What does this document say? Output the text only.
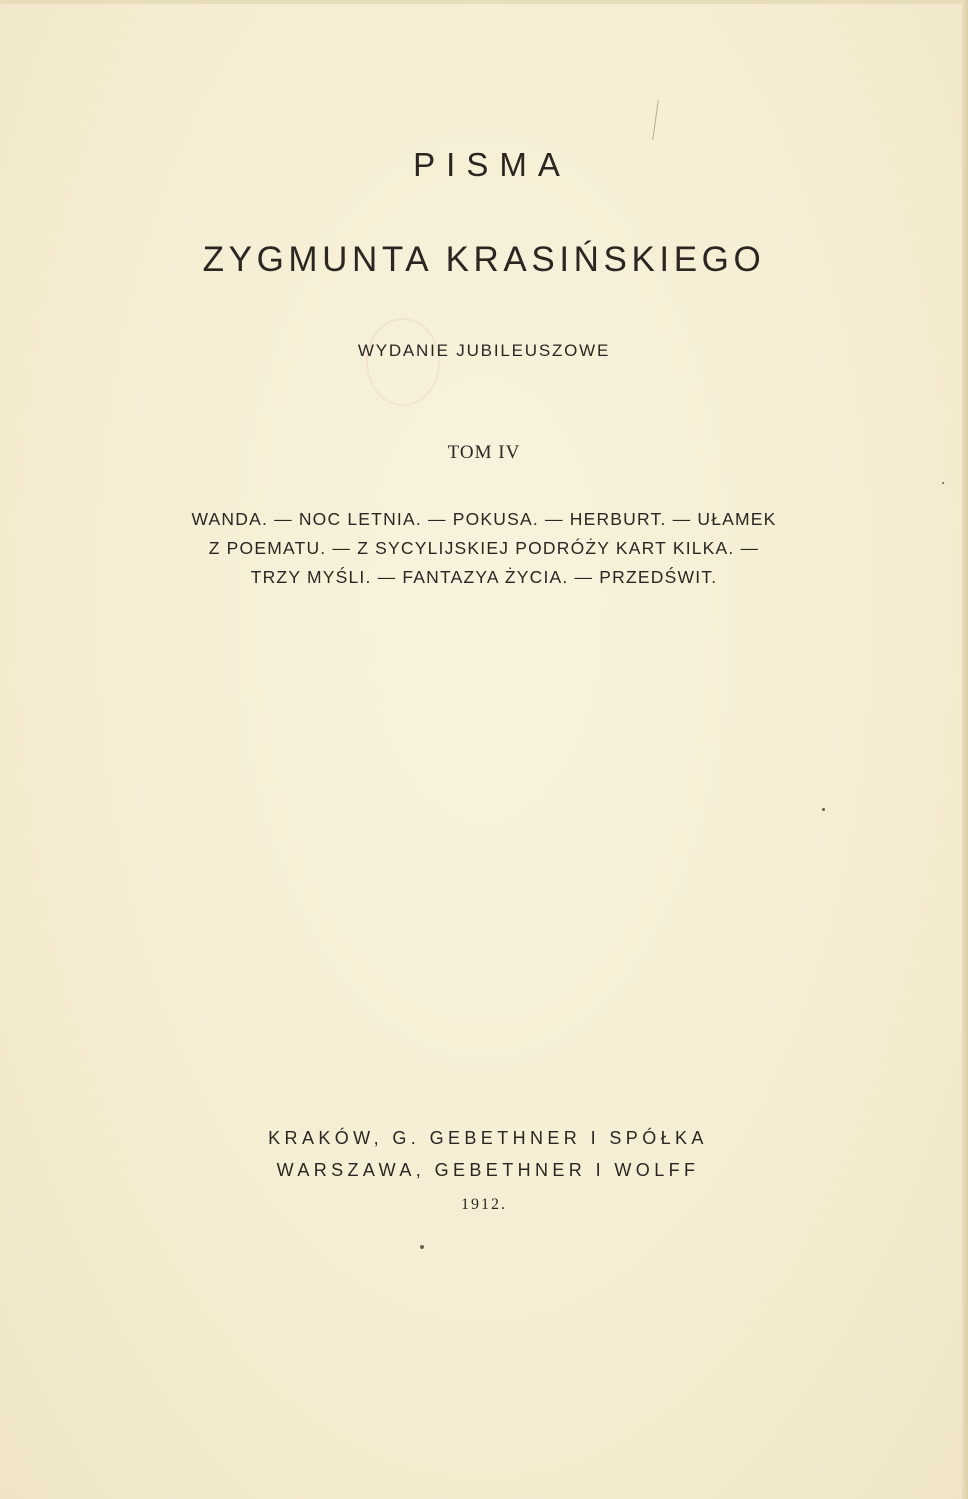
PISMA
ZYGMUNTA KRASIŃSKIEGO
WYDANIE JUBILEUSZOWE
TOM IV
WANDA. — NOC LETNIA. — POKUSA. — HERBURT. — UŁAMEK
Z POEMATU. — Z SYCYLIJSKIEJ PODRÓŻY KART KILKA. —
TRZY MYŚLI. — FANTAZYA ŻYCIA. — PRZEDŚWIT.
KRAKÓW, G. GEBETHNER I SPÓŁKA
WARSZAWA, GEBETHNER I WOLFF
1912.
